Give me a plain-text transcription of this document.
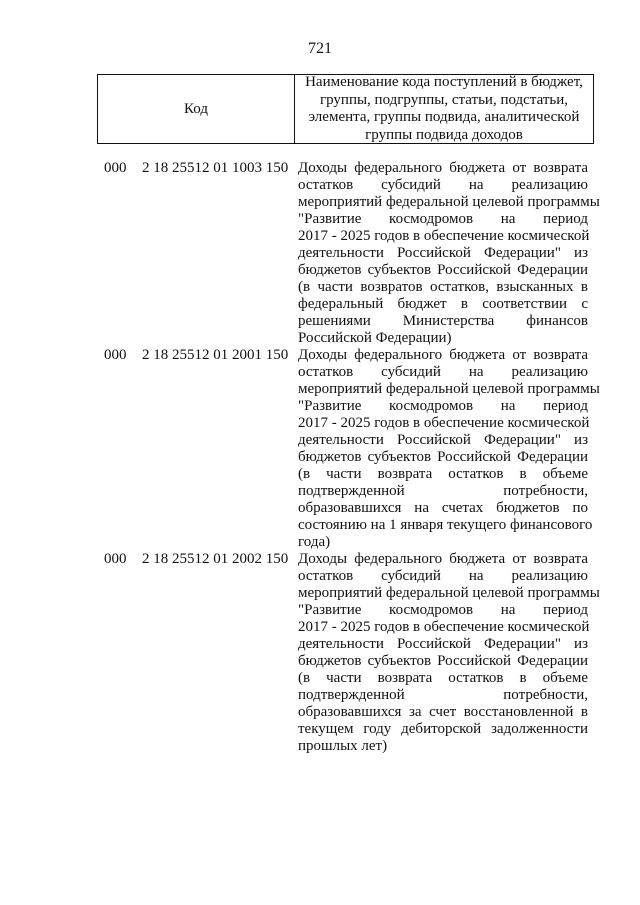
721
Код
Наименование кода поступлений в бюджет, группы, подгруппы, статьи, подстатьи, элемента, группы подвида, аналитической группы подвида доходов
000 2 18 25512 01 1003 150 Доходы федерального бюджета от возврата
остатков субсидий на реализацию
мероприятий федеральной целевой программы
"Развитие космодромов на период
2017 - 2025 годов в обеспечение космической
деятельности Российской Федерации" из
бюджетов субъектов Российской Федерации
(в части возвратов остатков, взысканных в
федеральный бюджет в соответствии с
решениями Министерства финансов
Российской Федерации)
000 2 18 25512 01 2001 150 Доходы федерального бюджета от возврата
остатков субсидий на реализацию
мероприятий федеральной целевой программы
"Развитие космодромов на период
2017 - 2025 годов в обеспечение космической
деятельности Российской Федерации" из
бюджетов субъектов Российской Федерации
(в части возврата остатков в объеме
подтвержденной потребности,
образовавшихся на счетах бюджетов по
состоянию на 1 января текущего финансового
года)
000 2 18 25512 01 2002 150 Доходы федерального бюджета от возврата
остатков субсидий на реализацию
мероприятий федеральной целевой программы
"Развитие космодромов на период
2017 - 2025 годов в обеспечение космической
деятельности Российской Федерации" из
бюджетов субъектов Российской Федерации
(в части возврата остатков в объеме
подтвержденной потребности,
образовавшихся за счет восстановленной в
текущем году дебиторской задолженности
прошлых лет)
